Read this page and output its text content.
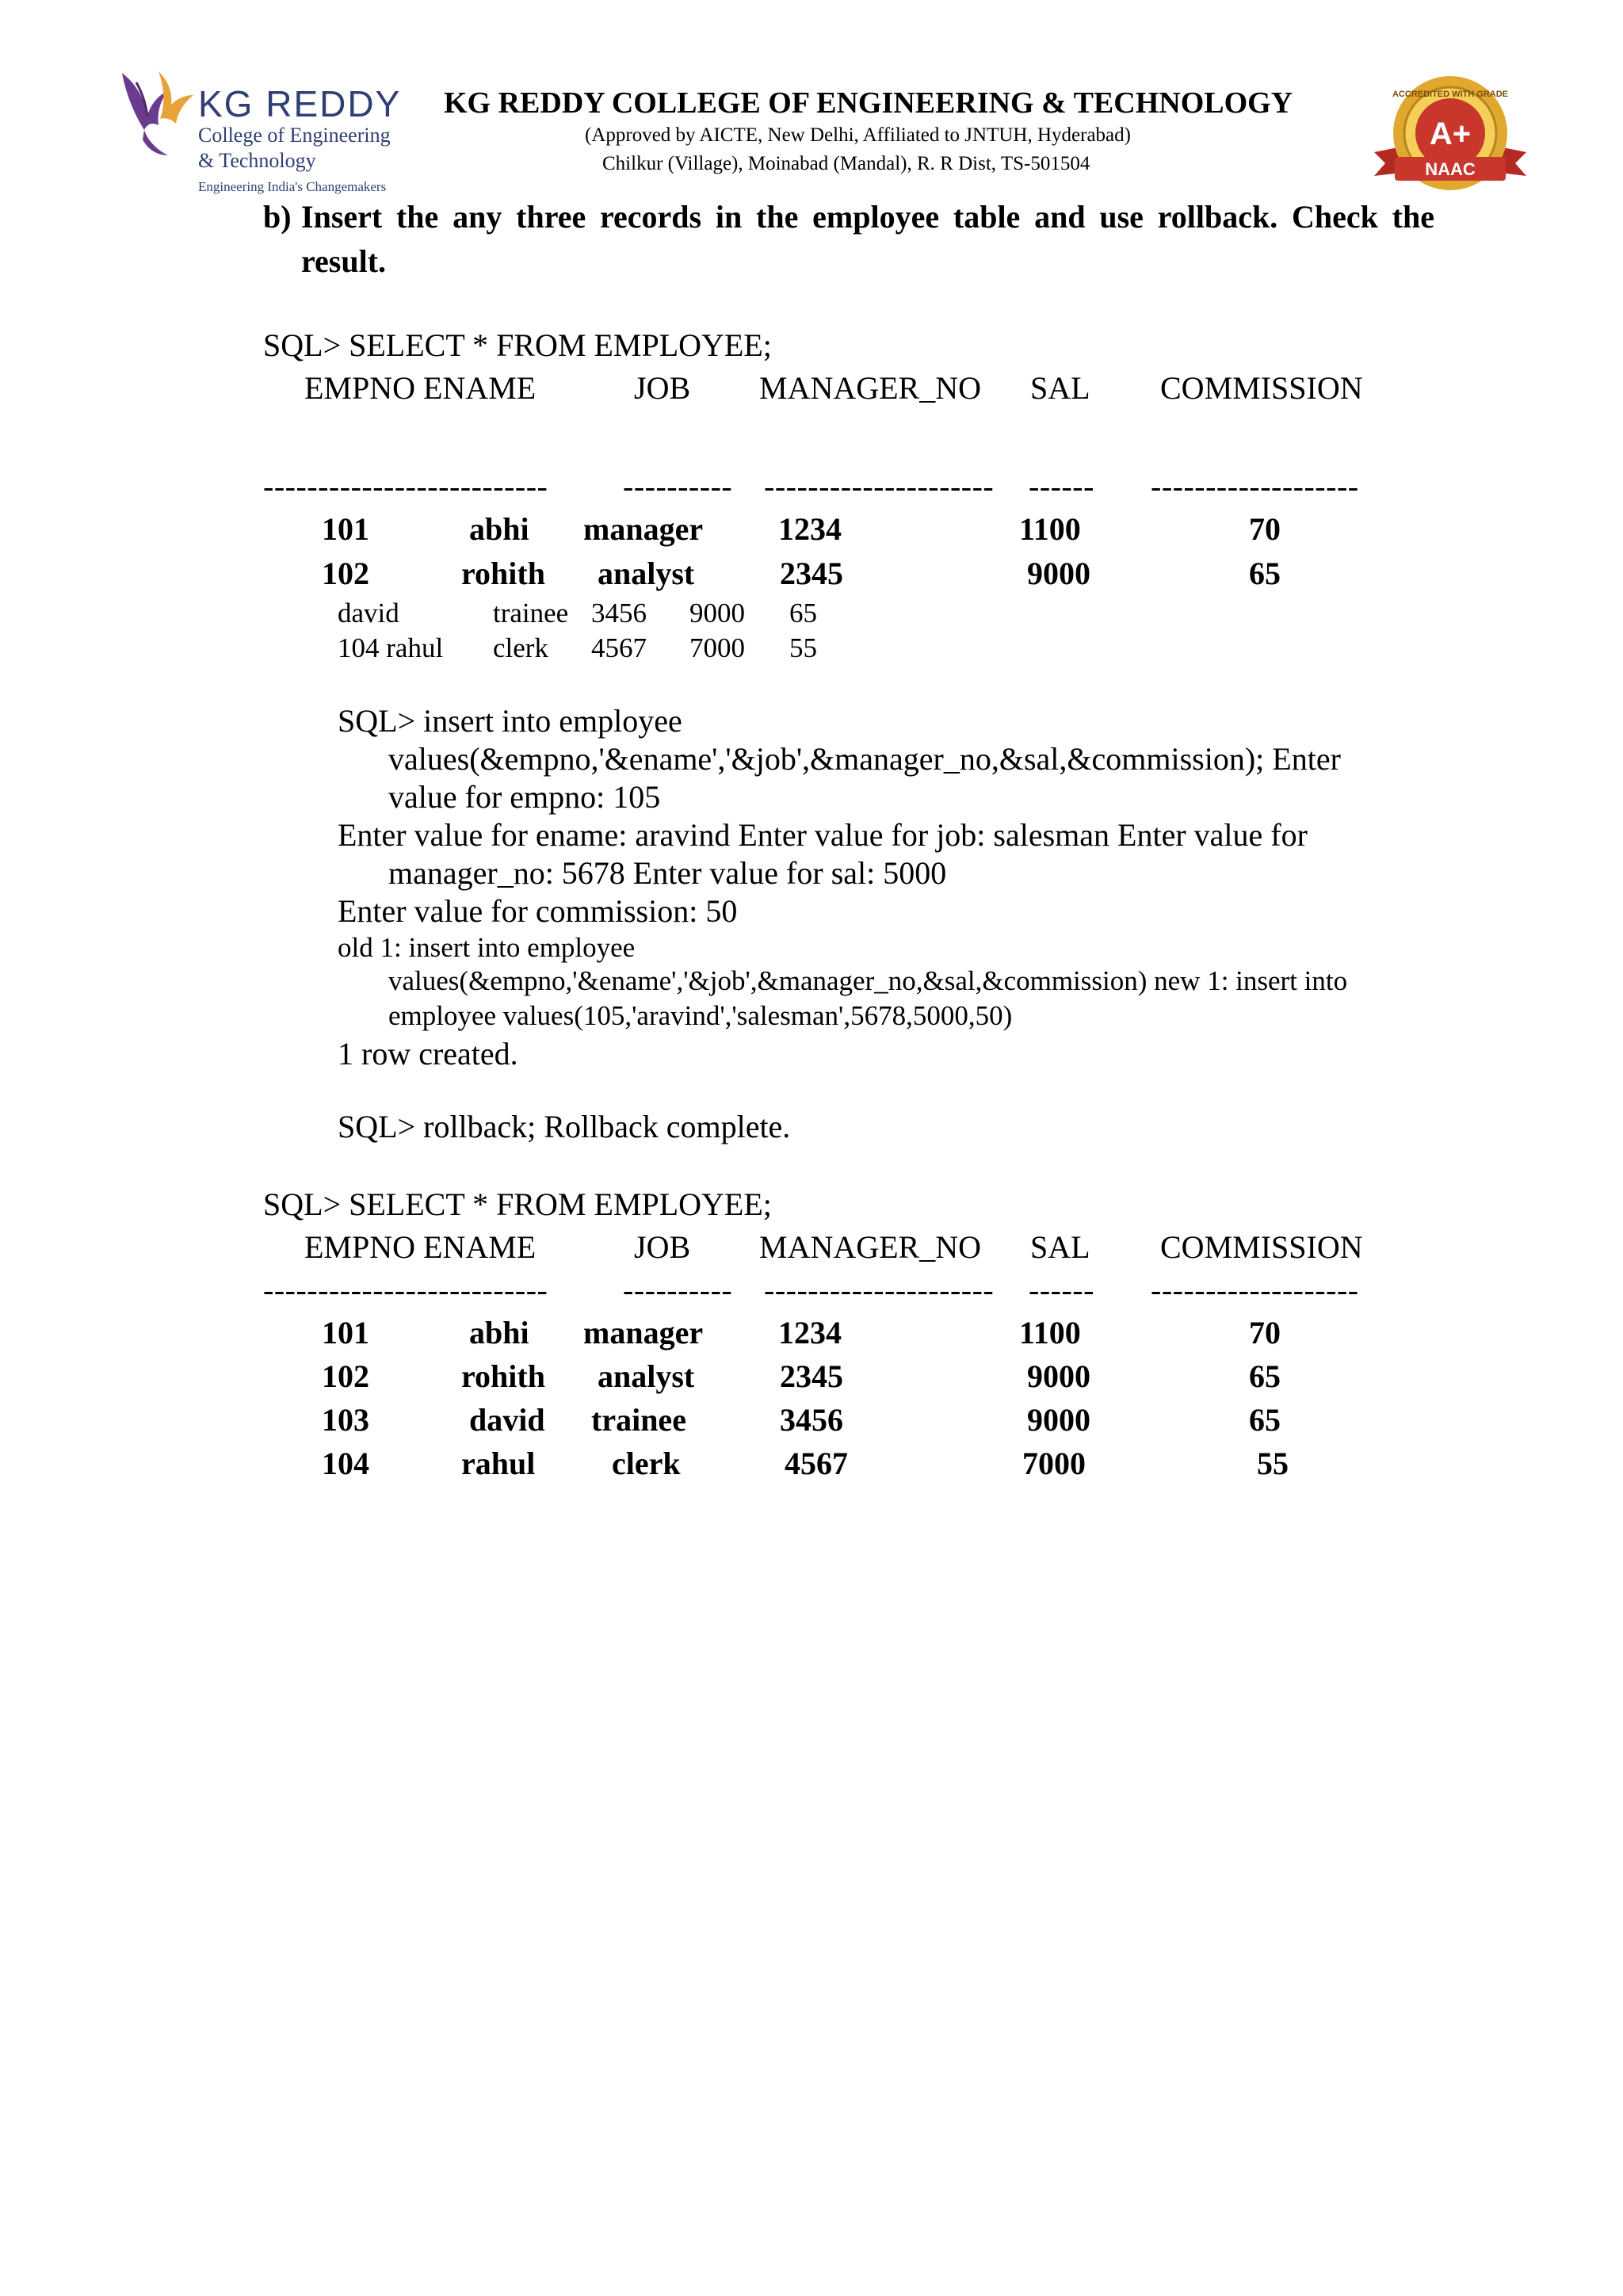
KG REDDY
College of Engineering
& Technology
Engineering India's Changemakers
KG REDDY COLLEGE OF ENGINEERING & TECHNOLOGY
(Approved by AICTE, New Delhi, Affiliated to JNTUH, Hyderabad)
Chilkur (Village), Moinabad (Mandal), R. R Dist, TS-501504
A+
NAAC
ACCREDITED WITH GRADE
b) Insert the any three records in the employee table and use rollback. Check the
result.
SQL> SELECT * FROM EMPLOYEE;
EMPNO ENAME	JOB MANAGER_NO SAL COMMISSION
-------------------------- ---------- --------------------- ------ -------------------
101	abhi manager 1234	1100	70
102	rohith analyst	2345	9000	65
david	trainee 3456 9000 65
104 rahul clerk 4567 7000 55
SQL> insert into employee
values(&empno,'&ename','&job',&manager_no,&sal,&commission); Enter
value for empno: 105
Enter value for ename: aravind Enter value for job: salesman Enter value for
manager_no: 5678 Enter value for sal: 5000
Enter value for commission: 50
old 1: insert into employee
values(&empno,'&ename','&job',&manager_no,&sal,&commission) new 1: insert into
employee values(105,'aravind','salesman',5678,5000,50)
1 row created.
SQL> rollback; Rollback complete.
SQL> SELECT * FROM EMPLOYEE;
EMPNO ENAME	JOB MANAGER_NO SAL COMMISSION
-------------------------- ---------- --------------------- ------ -------------------
101	abhi manager 1234	1100	70
102	rohith analyst	2345	9000	65
103	david trainee	3456	9000	65
104	rahul clerk	4567	7000	55
